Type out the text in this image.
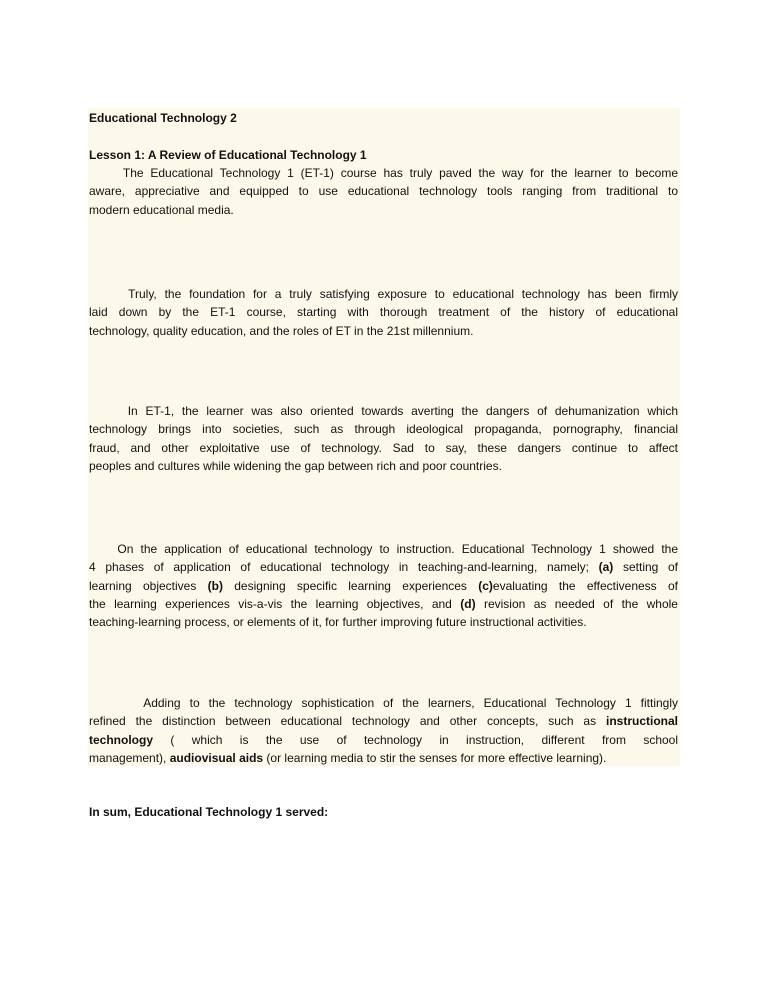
Educational Technology 2
Lesson 1: A Review of Educational Technology 1
The Educational Technology 1 (ET-1) course has truly paved the way for the learner to become
aware, appreciative and equipped to use educational technology tools ranging from traditional to
modern educational media.
Truly, the foundation for a truly satisfying exposure to educational technology has been firmly
laid down by the ET-1 course, starting with thorough treatment of the history of educational
technology, quality education, and the roles of ET in the 21st millennium.
In ET-1, the learner was also oriented towards averting the dangers of dehumanization which
technology brings into societies, such as through ideological propaganda, pornography, financial
fraud, and other exploitative use of technology. Sad to say, these dangers continue to affect
peoples and cultures while widening the gap between rich and poor countries.
On the application of educational technology to instruction. Educational Technology 1 showed the
4 phases of application of educational technology in teaching-and-learning, namely; (a) setting of
learning objectives (b) designing specific learning experiences (c)evaluating the effectiveness of
the learning experiences vis-a-vis the learning objectives, and (d) revision as needed of the whole
teaching-learning process, or elements of it, for further improving future instructional activities.
Adding to the technology sophistication of the learners, Educational Technology 1 fittingly
refined the distinction between educational technology and other concepts, such as instructional
technology ( which is the use of technology in instruction, different from school
management), audiovisual aids (or learning media to stir the senses for more effective learning).
In sum, Educational Technology 1 served:
